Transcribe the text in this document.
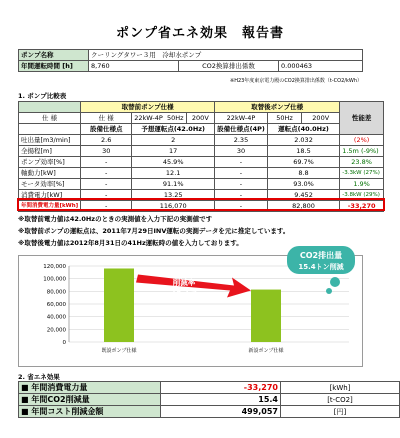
ポンプ省エネ効果　報告書
ポンプ名称	クーリングタワー３用　冷却水ポンプ		
年間運転時間 [h]	8,760	CO2換算排出係数	0.000463
※H23年度東京電力殿のCO2換算排出係数（t-CO2/kWh）
1. ポンプ比較表
	取替前ポンプ仕様			取替後ポンプ仕様			性能差
仕 様	仕 様	22kW-4P 50Hz	200V	22kW-4P	50Hz	200V	
	設備仕様点	予想運転点(42.0Hz)		設備仕様点(4P)	運転点(40.0Hz)		
吐出量[m3/min]	2.6	2		2.35	2.032		(2%)
全揚程[m]	30	17		30	18.5		1.5m (-9%)
ポンプ効率[%]	-	45.9%		-	69.7%		23.8%
軸動力[kW]	-	12.1		-	8.8		-3.3kW (27%)
モータ効率[%]	-	91.1%		-	93.0%		1.9%
消費電力[kW]	-	13.25		-	9.452		-3.8kW (29%)
年間消費電力量[kWh]	-	116,070		-	82,800		-33,270
※取替前電力値は42.0Hzのときの実測値を入力下記の実測値です
※取替前ポンプの運転点は、2011年7月29日INV運転の実測データを元に推定しています。
※取替後電力値は2012年8月31日の41Hz運転時の値を入力しております。
120,000
100,000
80,000
60,000
40,000
20,000
0
既設ポンプ仕様	新設ポンプ仕様
消費電力
削減率
28.7%
CO2排出量
15.4トン削減
2. 省エネ効果
■ 年間消費電力量	-33,270	[kWh]
■ 年間CO2削減量	15.4	[t-CO2]
■ 年間コスト削減金額	499,057	[円]
